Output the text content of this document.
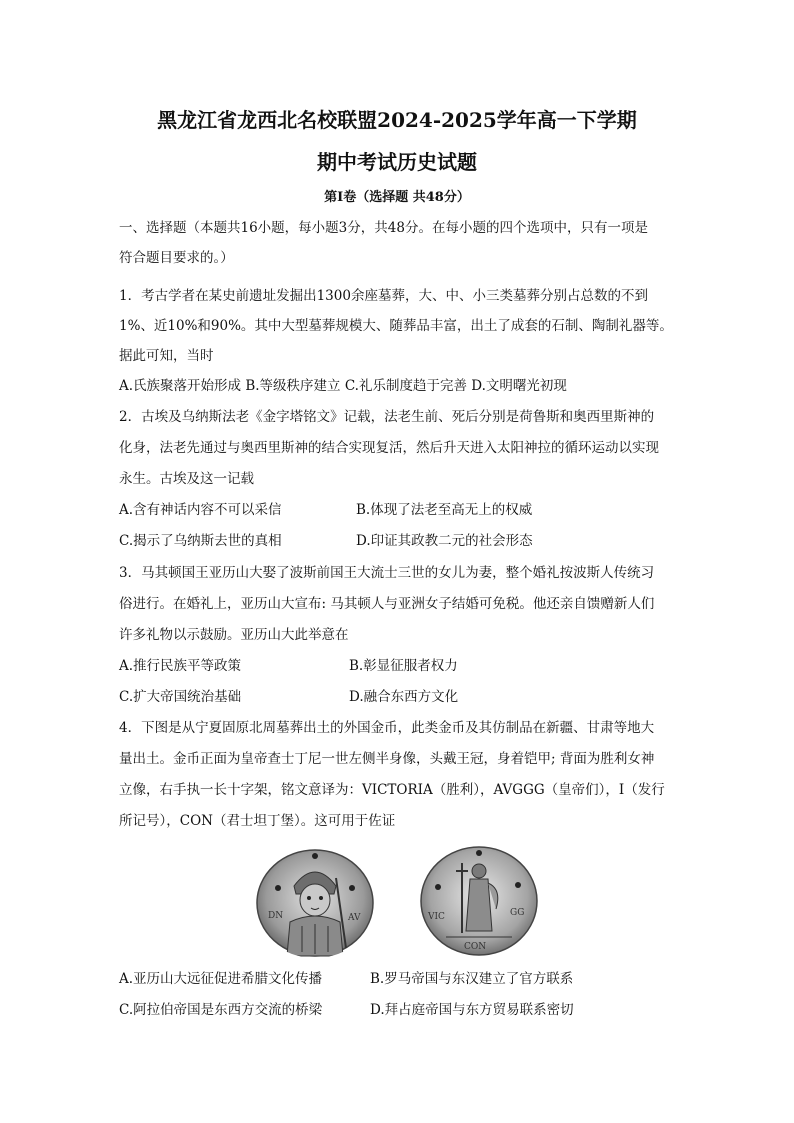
黑龙江省龙西北名校联盟2024-2025学年高一下学期
期中考试历史试题
第Ⅰ卷（选择题 共48分）
一、选择题（本题共16小题，每小题3分，共48分。在每小题的四个选项中，只有一项是
符合题目要求的。）
1．考古学者在某史前遗址发掘出1300余座墓葬，大、中、小三类墓葬分别占总数的不到
1%、近10%和90%。其中大型墓葬规模大、随葬品丰富，出土了成套的石制、陶制礼器等。
据此可知，当时
A.氏族聚落开始形成 B.等级秩序建立 C.礼乐制度趋于完善 D.文明曙光初现
2．古埃及乌纳斯法老《金字塔铭文》记载，法老生前、死后分别是荷鲁斯和奥西里斯神的
化身，法老先通过与奥西里斯神的结合实现复活，然后升天进入太阳神拉的循环运动以实现
永生。古埃及这一记载
A.含有神话内容不可以采信	B.体现了法老至高无上的权威
C.揭示了乌纳斯去世的真相	D.印证其政教二元的社会形态
3．马其顿国王亚历山大娶了波斯前国王大流士三世的女儿为妻，整个婚礼按波斯人传统习
俗进行。在婚礼上，亚历山大宣布: 马其顿人与亚洲女子结婚可免税。他还亲自馈赠新人们
许多礼物以示鼓励。亚历山大此举意在
A.推行民族平等政策	B.彰显征服者权力
C.扩大帝国统治基础	D.融合东西方文化
4．下图是从宁夏固原北周墓葬出土的外国金币，此类金币及其仿制品在新疆、甘肃等地大
量出土。金币正面为皇帝查士丁尼一世左侧半身像，头戴王冠，身着铠甲; 背面为胜利女神
立像，右手执一长十字架，铭文意译为：VICTORIA（胜利），AVGGG（皇帝们），I（发行
所记号），CON（君士坦丁堡）。这可用于佐证
DN	AV
CON
VIC	GG
A.亚历山大远征促进希腊文化传播	B.罗马帝国与东汉建立了官方联系
C.阿拉伯帝国是东西方交流的桥梁	D.拜占庭帝国与东方贸易联系密切
